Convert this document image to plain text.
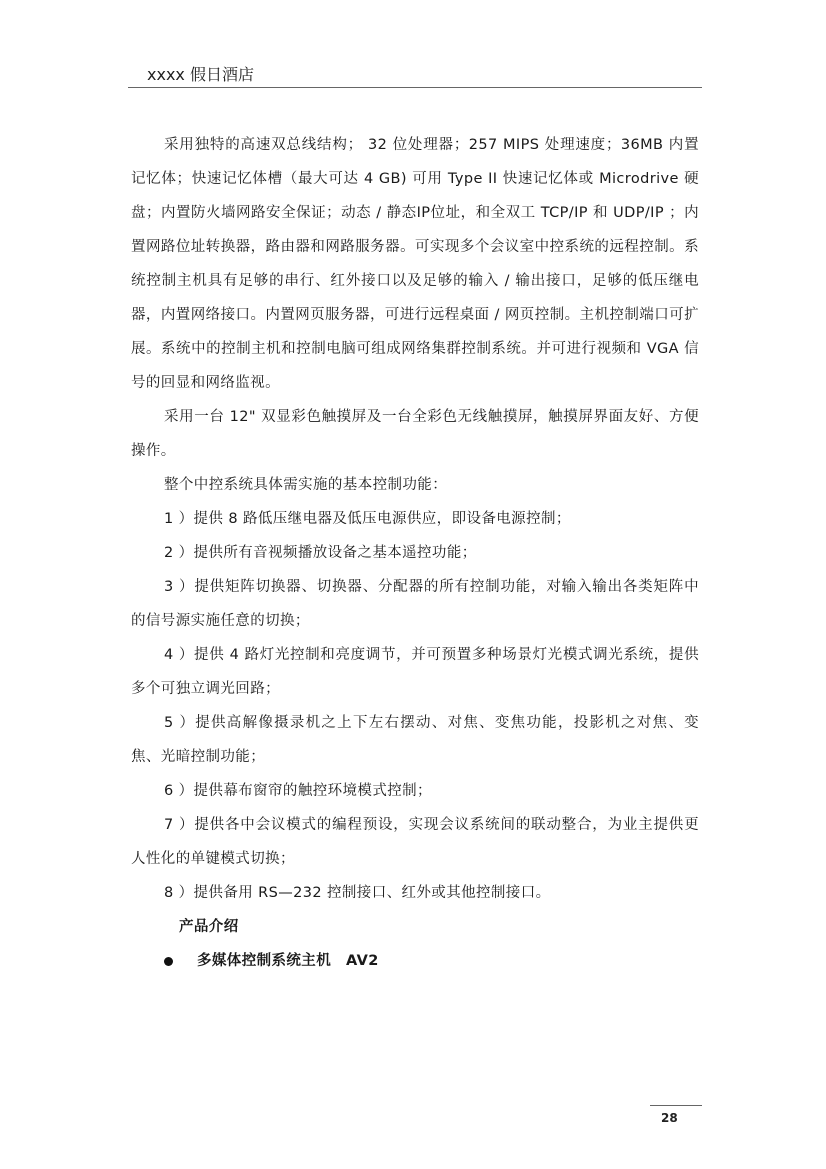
xxxx 假日酒店

采用独特的高速双总线结构； 32 位处理器；257 MIPS 处理速度；36MB 内置记忆体；快速记忆体槽（最大可达 4 GB) 可用 Type II 快速记忆体或 Microdrive 硬盘；内置防火墙网路安全保证；动态 / 静态IP位址，和全双工 TCP/IP 和 UDP/IP ；内置网路位址转换器，路由器和网路服务器。可实现多个会议室中控系统的远程控制。系统控制主机具有足够的串行、红外接口以及足够的输入 / 输出接口，足够的低压继电器，内置网络接口。内置网页服务器，可进行远程桌面 / 网页控制。主机控制端口可扩展。系统中的控制主机和控制电脑可组成网络集群控制系统。并可进行视频和 VGA 信号的回显和网络监视。

采用一台 12" 双显彩色触摸屏及一台全彩色无线触摸屏，触摸屏界面友好、方便操作。

整个中控系统具体需实施的基本控制功能：

1 ）提供 8 路低压继电器及低压电源供应，即设备电源控制；

2 ）提供所有音视频播放设备之基本遥控功能；

3 ）提供矩阵切换器、切换器、分配器的所有控制功能，对输入输出各类矩阵中的信号源实施任意的切换；

4 ）提供 4 路灯光控制和亮度调节，并可预置多种场景灯光模式调光系统，提供多个可独立调光回路；

5 ）提供高解像摄录机之上下左右摆动、对焦、变焦功能，投影机之对焦、变焦、光暗控制功能；

6 ）提供幕布窗帘的触控环境模式控制；

7 ）提供各中会议模式的编程预设，实现会议系统间的联动整合，为业主提供更人性化的单键模式切换；

8 ）提供备用 RS—232 控制接口、红外或其他控制接口。

产品介绍

多媒体控制系统主机　AV2

28
